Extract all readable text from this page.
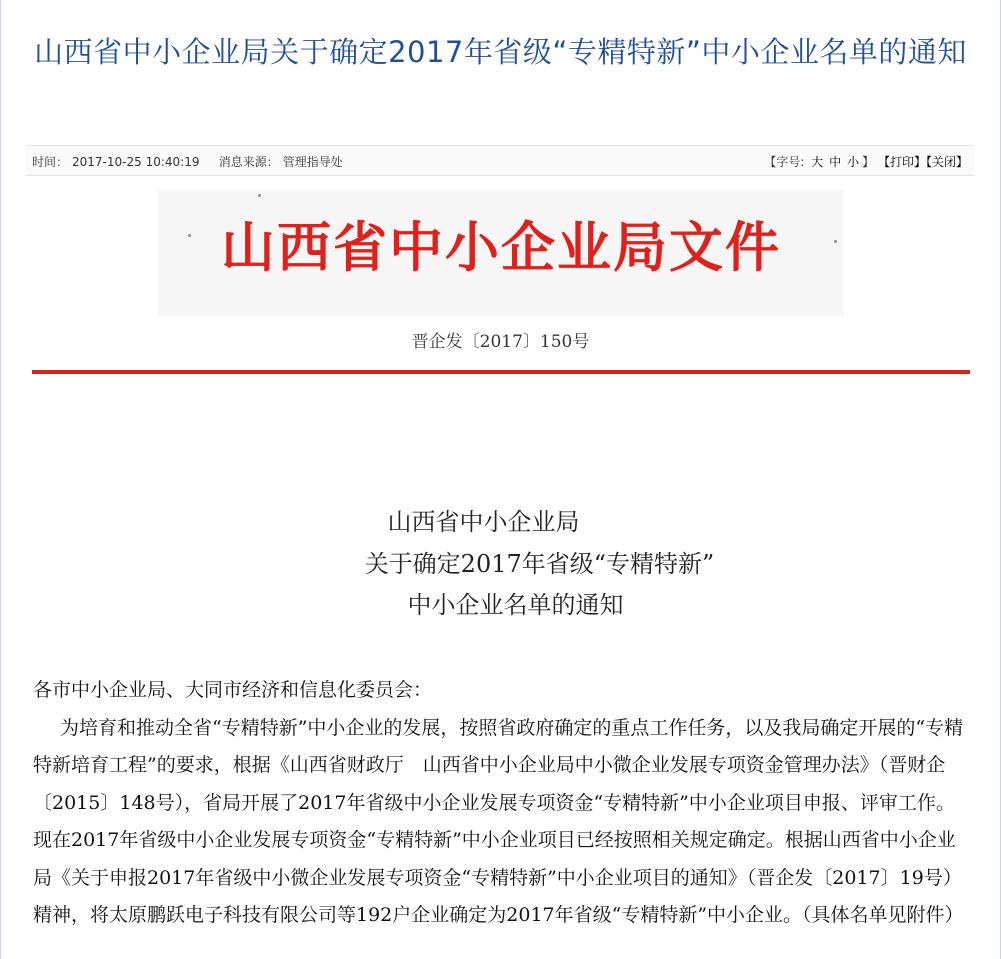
山西省中小企业局关于确定2017年省级“专精特新”中小企业名单的通知
时间： 2017-10-25 10:40:19 消息来源： 管理指导处	【字号: 大 中 小 】 【打印】【关闭】
山西省中小企业局文件
晋企发〔2017〕150号
山西省中小企业局
关于确定2017年省级“专精特新”
中小企业名单的通知

各市中小企业局、大同市经济和信息化委员会：

为培育和推动全省“专精特新”中小企业的发展，按照省政府确定的重点工作任务，以及我局确定开展的“专精特新培育工程”的要求，根据《山西省财政厅　山西省中小企业局中小微企业发展专项资金管理办法》（晋财企〔2015〕148号），省局开展了2017年省级中小企业发展专项资金“专精特新”中小企业项目申报、评审工作。现在2017年省级中小企业发展专项资金“专精特新”中小企业项目已经按照相关规定确定。根据山西省中小企业局《关于申报2017年省级中小微企业发展专项资金“专精特新”中小企业项目的通知》（晋企发〔2017〕19号）精神，将太原鹏跃电子科技有限公司等192户企业确定为2017年省级“专精特新”中小企业。（具体名单见附件）
